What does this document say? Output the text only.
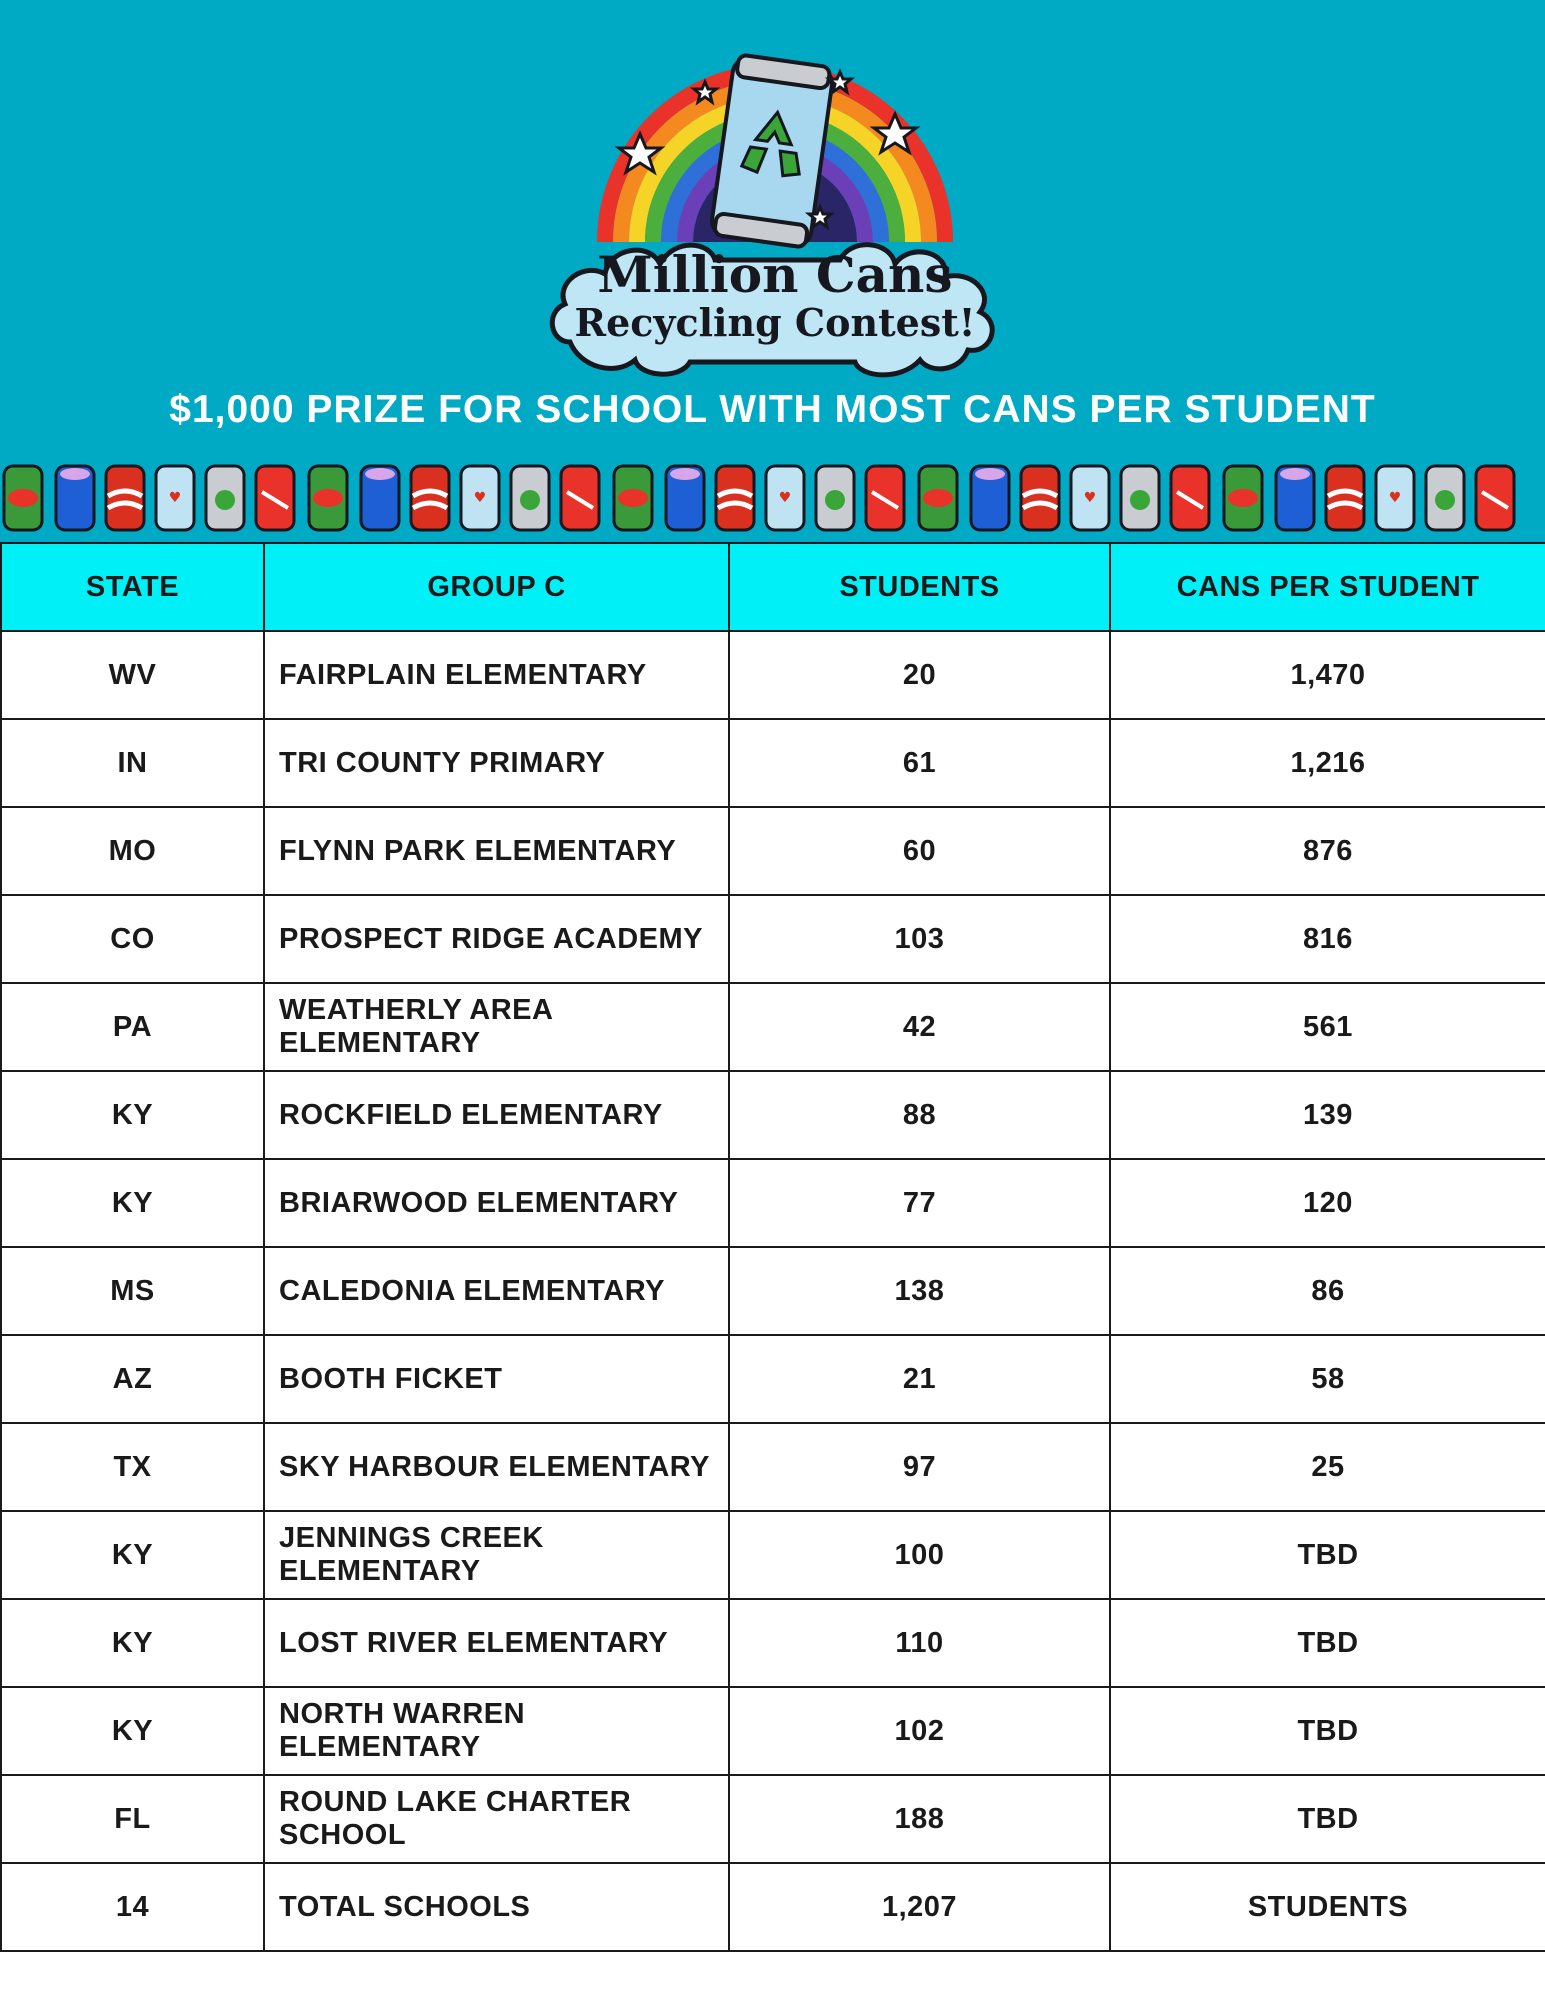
Million Cans
Recycling Contest!
$1,000 PRIZE FOR SCHOOL WITH MOST CANS PER STUDENT
♥
STATE	GROUP C	STUDENTS	CANS PER STUDENT
WV	FAIRPLAIN ELEMENTARY	20	1,470
IN	TRI COUNTY PRIMARY	61	1,216
MO	FLYNN PARK ELEMENTARY	60	876
CO	PROSPECT RIDGE ACADEMY	103	816
PA	WEATHERLY AREA ELEMENTARY	42	561
KY	ROCKFIELD ELEMENTARY	88	139
KY	BRIARWOOD ELEMENTARY	77	120
MS	CALEDONIA ELEMENTARY	138	86
AZ	BOOTH FICKET	21	58
TX	SKY HARBOUR ELEMENTARY	97	25
KY	JENNINGS CREEK ELEMENTARY	100	TBD
KY	LOST RIVER ELEMENTARY	110	TBD
KY	NORTH WARREN ELEMENTARY	102	TBD
FL	ROUND LAKE CHARTER SCHOOL	188	TBD
14	TOTAL SCHOOLS	1,207	STUDENTS
